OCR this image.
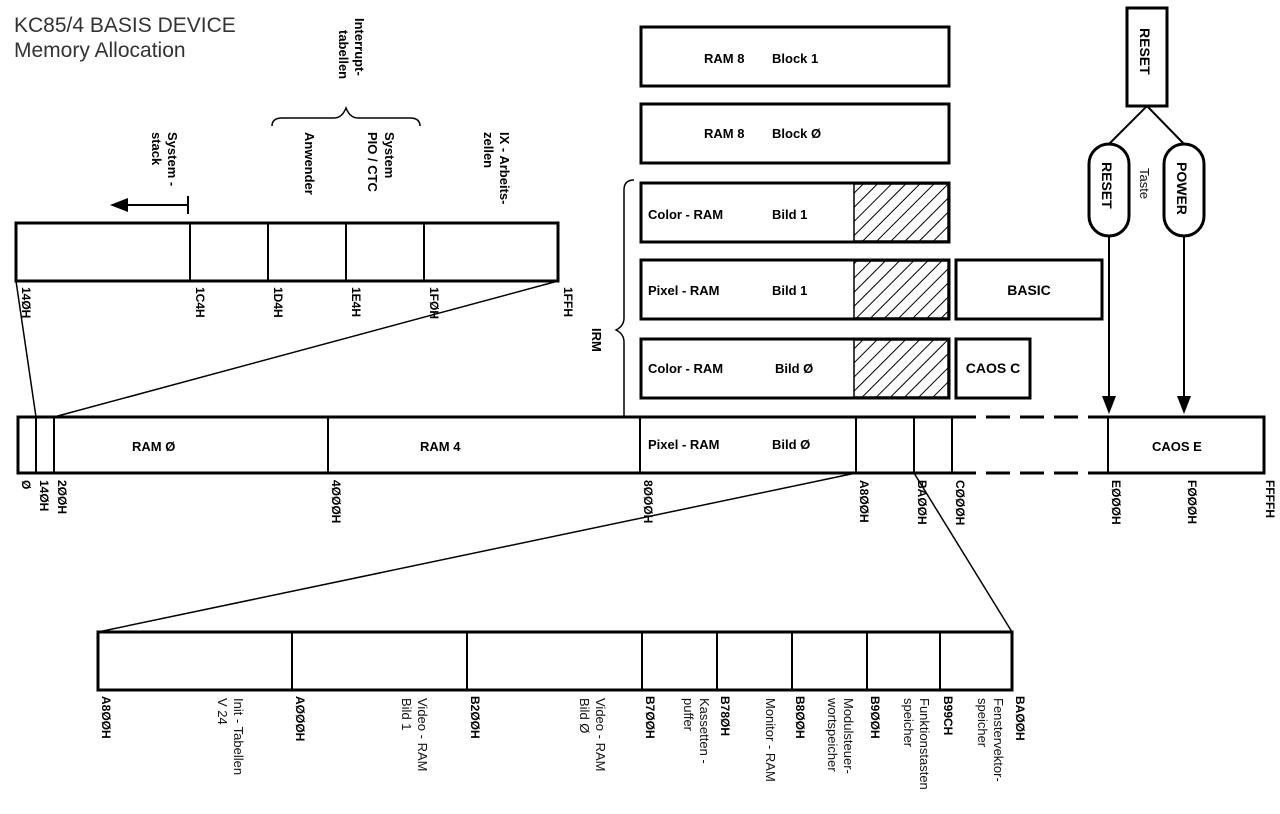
KC85/4 BASIS DEVICE
Memory Allocation
14ØH	1C4H	1D4H	1E4H	1FØH	1FFH
System -
stack
Interrupt-
tabellen
Anwender	System
PIO / CTC	IX - Arbeits-
zellen
RAM 8 Block 1
RAM 8 Block Ø
Color - RAM	Bild 1
Pixel - RAM	Bild 1
Color - RAM	Bild Ø
IRM
BASIC
CAOS C
RESET
RESET	POWER
Taste
RAM Ø	RAM 4	Pixel - RAM	Bild Ø	CAOS E
Ø 14ØH 2ØØH	4ØØØH	8ØØØH	A8ØØH	BAØØH CØØØH	EØØØH	FØØØH	FFFFH
A8ØØH	AØØØH	B2ØØH	B7ØØH	B78ØH	B8ØØH	B9ØØH	B99CH	BAØØH
Init - Tabellen
V 24	Video - RAM
Bild 1	Video - RAM
Bild Ø	Kassetten -
puffer	Monitor - RAM	Modulsteuer-
wortspeicher	Funktionstasten
speicher	Fenstervektor-
speicher
